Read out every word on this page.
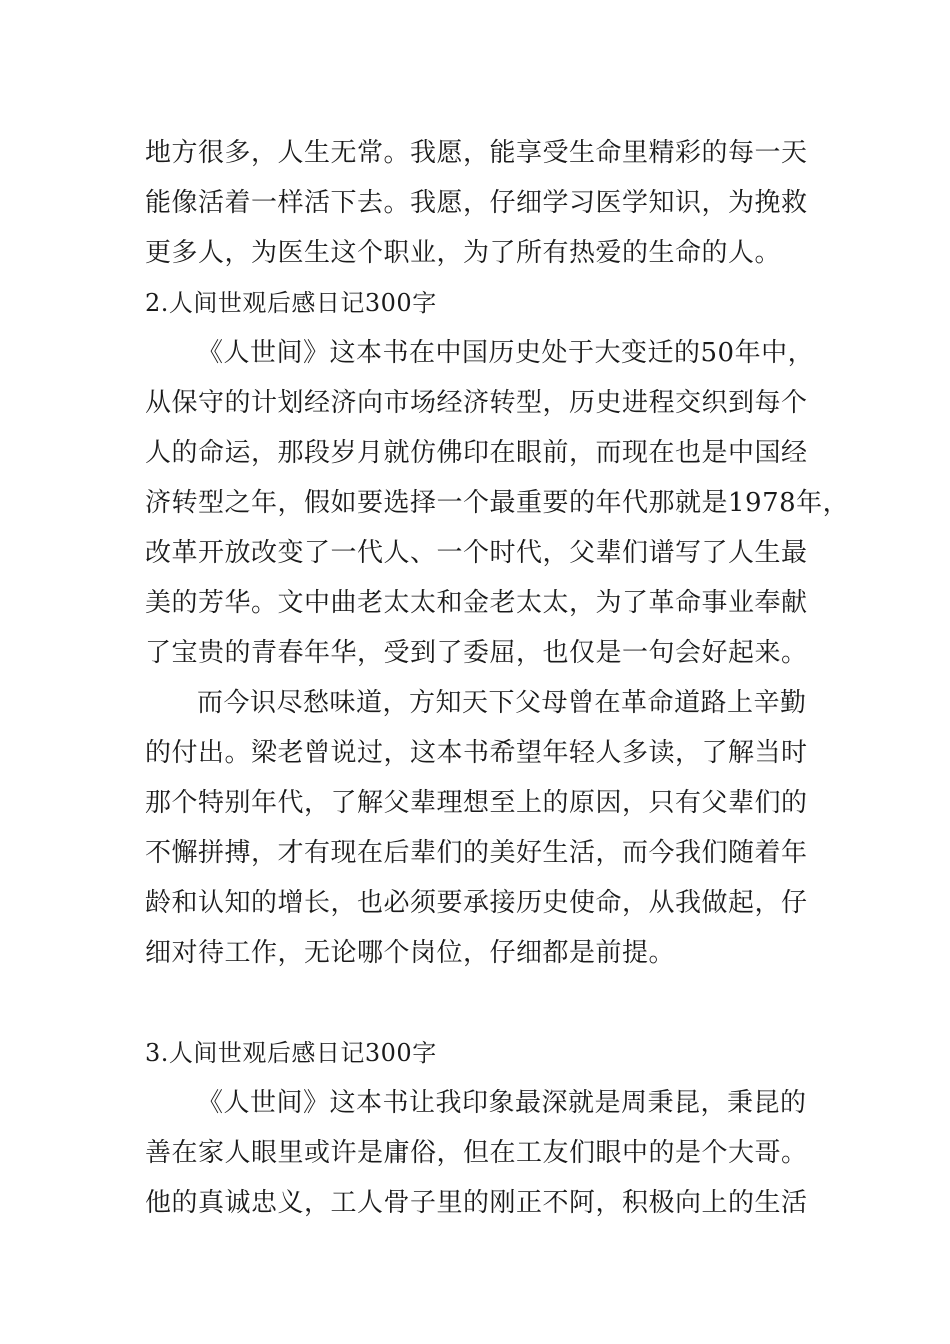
地方很多，人生无常。我愿，能享受生命里精彩的每一天
能像活着一样活下去。我愿，仔细学习医学知识，为挽救
更多人，为医生这个职业，为了所有热爱的生命的人。
2.人间世观后感日记300字
《人世间》这本书在中国历史处于大变迁的50年中，
从保守的计划经济向市场经济转型，历史进程交织到每个
人的命运，那段岁月就仿佛印在眼前，而现在也是中国经
济转型之年，假如要选择一个最重要的年代那就是1978年，
改革开放改变了一代人、一个时代，父辈们谱写了人生最
美的芳华。文中曲老太太和金老太太，为了革命事业奉献
了宝贵的青春年华，受到了委屈，也仅是一句会好起来。
而今识尽愁味道，方知天下父母曾在革命道路上辛勤
的付出。梁老曾说过，这本书希望年轻人多读，了解当时
那个特别年代，了解父辈理想至上的原因，只有父辈们的
不懈拼搏，才有现在后辈们的美好生活，而今我们随着年
龄和认知的增长，也必须要承接历史使命，从我做起，仔
细对待工作，无论哪个岗位，仔细都是前提。
3.人间世观后感日记300字
《人世间》这本书让我印象最深就是周秉昆，秉昆的
善在家人眼里或许是庸俗，但在工友们眼中的是个大哥。
他的真诚忠义，工人骨子里的刚正不阿，积极向上的生活
